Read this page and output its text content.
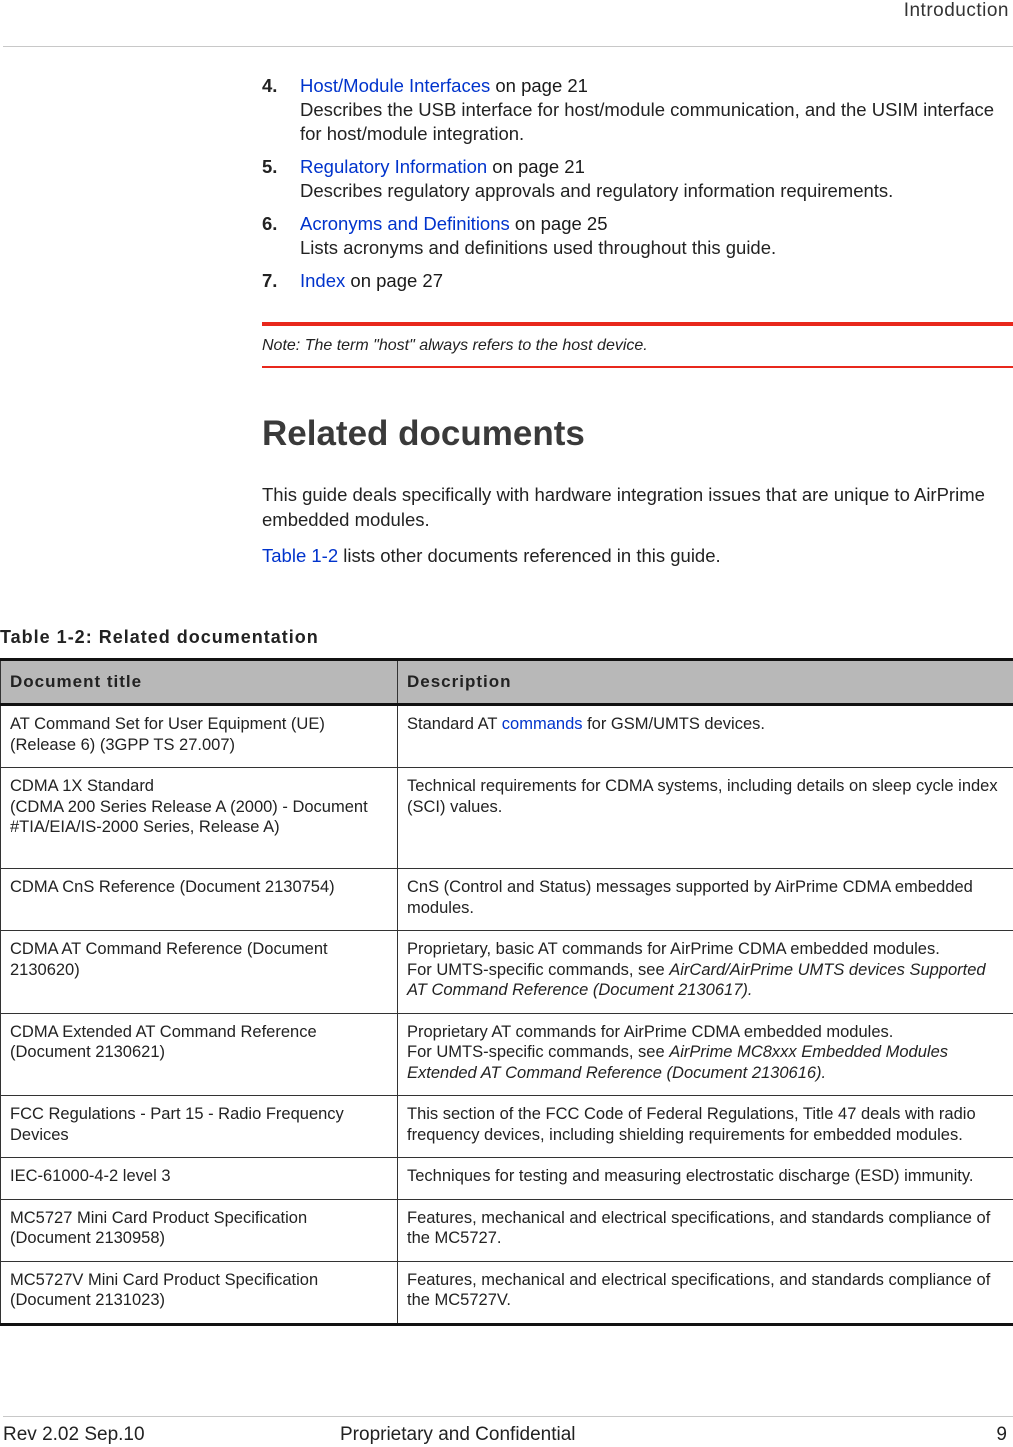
Introduction
4. Host/Module Interfaces on page 21
Describes the USB interface for host/module communication, and the USIM interface for host/module integration.
5. Regulatory Information on page 21
Describes regulatory approvals and regulatory information requirements.
6. Acronyms and Definitions on page 25
Lists acronyms and definitions used throughout this guide.
7. Index on page 27
Note: The term "host" always refers to the host device.
Related documents

This guide deals specifically with hardware integration issues that are unique to AirPrime embedded modules.

Table 1-2 lists other documents referenced in this guide.

Table 1-2: Related documentation
Document title	Description

AT Command Set for User Equipment (UE)
(Release 6) (3GPP TS 27.007)	Standard AT commands for GSM/UMTS devices.

CDMA 1X Standard
(CDMA 200 Series Release A (2000) - Document #TIA/EIA/IS-2000 Series, Release A)	Technical requirements for CDMA systems, including details on sleep cycle index (SCI) values.
CDMA CnS Reference (Document 2130754)	CnS (Control and Status) messages supported by AirPrime CDMA embedded modules.
CDMA AT Command Reference (Document 2130620)	Proprietary, basic AT commands for AirPrime CDMA embedded modules.
For UMTS-specific commands, see AirCard/AirPrime UMTS devices Supported AT Command Reference (Document 2130617).
CDMA Extended AT Command Reference (Document 2130621)	Proprietary AT commands for AirPrime CDMA embedded modules.
For UMTS-specific commands, see AirPrime MC8xxx Embedded Modules Extended AT Command Reference (Document 2130616).
FCC Regulations - Part 15 - Radio Frequency Devices	This section of the FCC Code of Federal Regulations, Title 47 deals with radio frequency devices, including shielding requirements for embedded modules.
IEC-61000-4-2 level 3	Techniques for testing and measuring electrostatic discharge (ESD) immunity.
MC5727 Mini Card Product Specification (Document 2130958)	Features, mechanical and electrical specifications, and standards compliance of the MC5727.
MC5727V Mini Card Product Specification (Document 2131023)	Features, mechanical and electrical specifications, and standards compliance of the MC5727V.
Rev 2.02 Sep.10	Proprietary and Confidential	9
